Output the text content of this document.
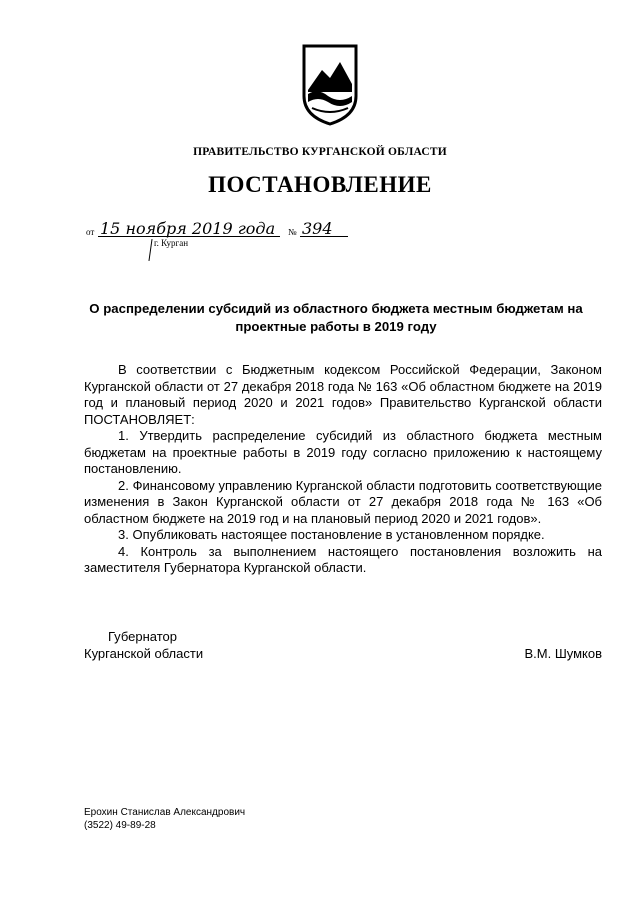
ПРАВИТЕЛЬСТВО КУРГАНСКОЙ ОБЛАСТИ
ПОСТАНОВЛЕНИЕ
от 15 ноября 2019 года № 394
г. Курган
О распределении субсидий из областного бюджета местным бюджетам на проектные работы в 2019 году

В соответствии с Бюджетным кодексом Российской Федерации, Законом Курганской области от 27 декабря 2018 года № 163 «Об областном бюджете на 2019 год и плановый период 2020 и 2021 годов» Правительство Курганской области ПОСТАНОВЛЯЕТ:

1. Утвердить распределение субсидий из областного бюджета местным бюджетам на проектные работы в 2019 году согласно приложению к настоящему постановлению.

2. Финансовому управлению Курганской области подготовить соответствующие изменения в Закон Курганской области от 27 декабря 2018 года № 163 «Об областном бюджете на 2019 год и на плановый период 2020 и 2021 годов».

3. Опубликовать настоящее постановление в установленном порядке.

4. Контроль за выполнением настоящего постановления возложить на заместителя Губернатора Курганской области.

Губернатор
Курганской области	В.М. Шумков
Ерохин Станислав Александрович
(3522) 49-89-28
